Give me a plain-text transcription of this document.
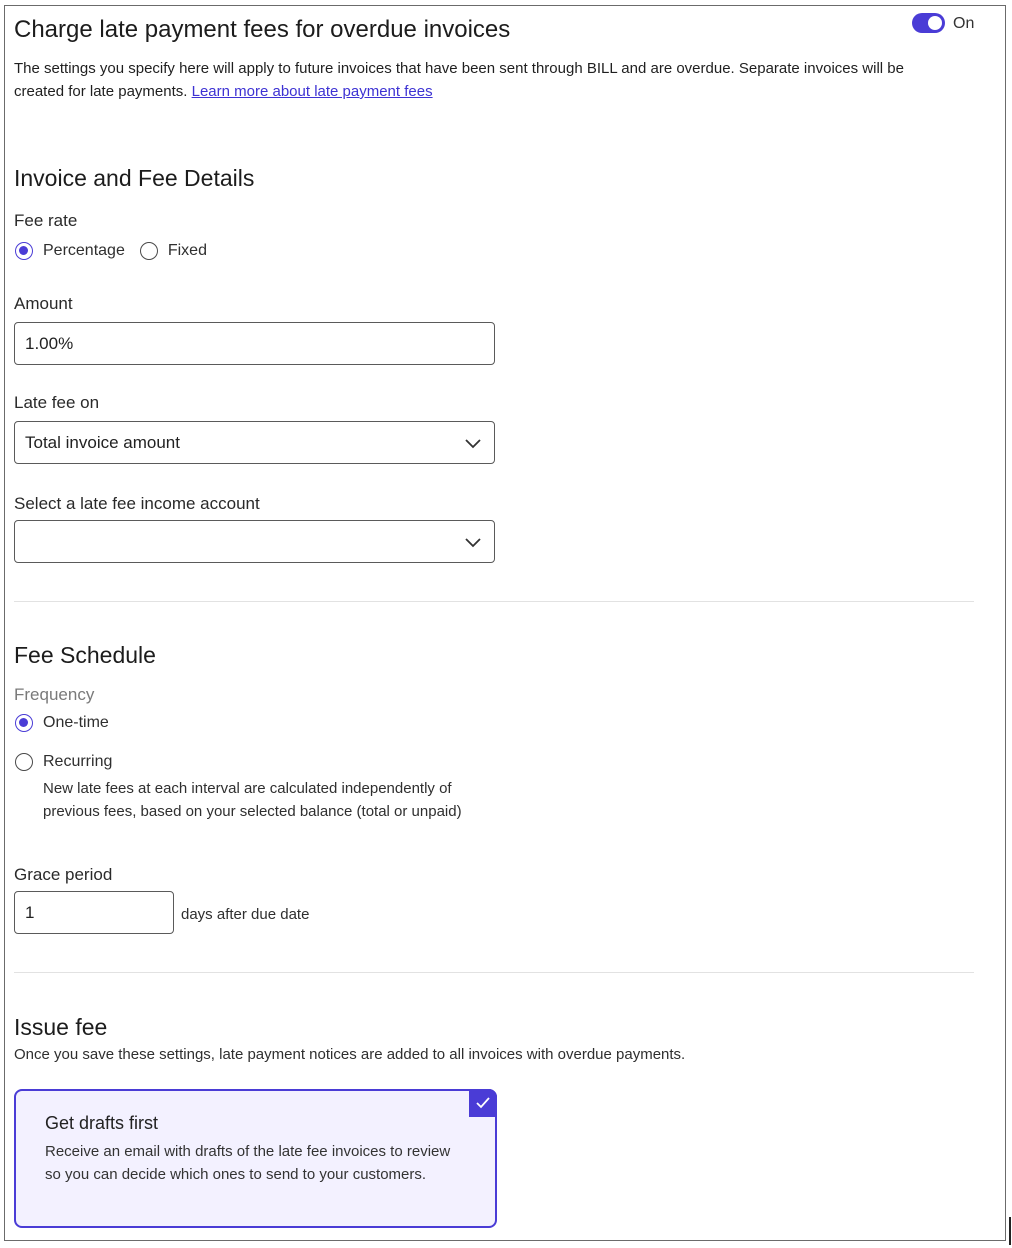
Charge late payment fees for overdue invoices	On
The settings you specify here will apply to future invoices that have been sent through BILL and are overdue. Separate invoices will be created for late payments. Learn more about late payment fees
Invoice and Fee Details
Fee rate
Percentage	Fixed
Amount
1.00%
Late fee on
Total invoice amount
Select a late fee income account
Fee Schedule
Frequency
One-time
Recurring
New late fees at each interval are calculated independently of previous fees, based on your selected balance (total or unpaid)
Grace period
1	days after due date
Issue fee
Once you save these settings, late payment notices are added to all invoices with overdue payments.
Get drafts first
Receive an email with drafts of the late fee invoices to review so you can decide which ones to send to your customers.
